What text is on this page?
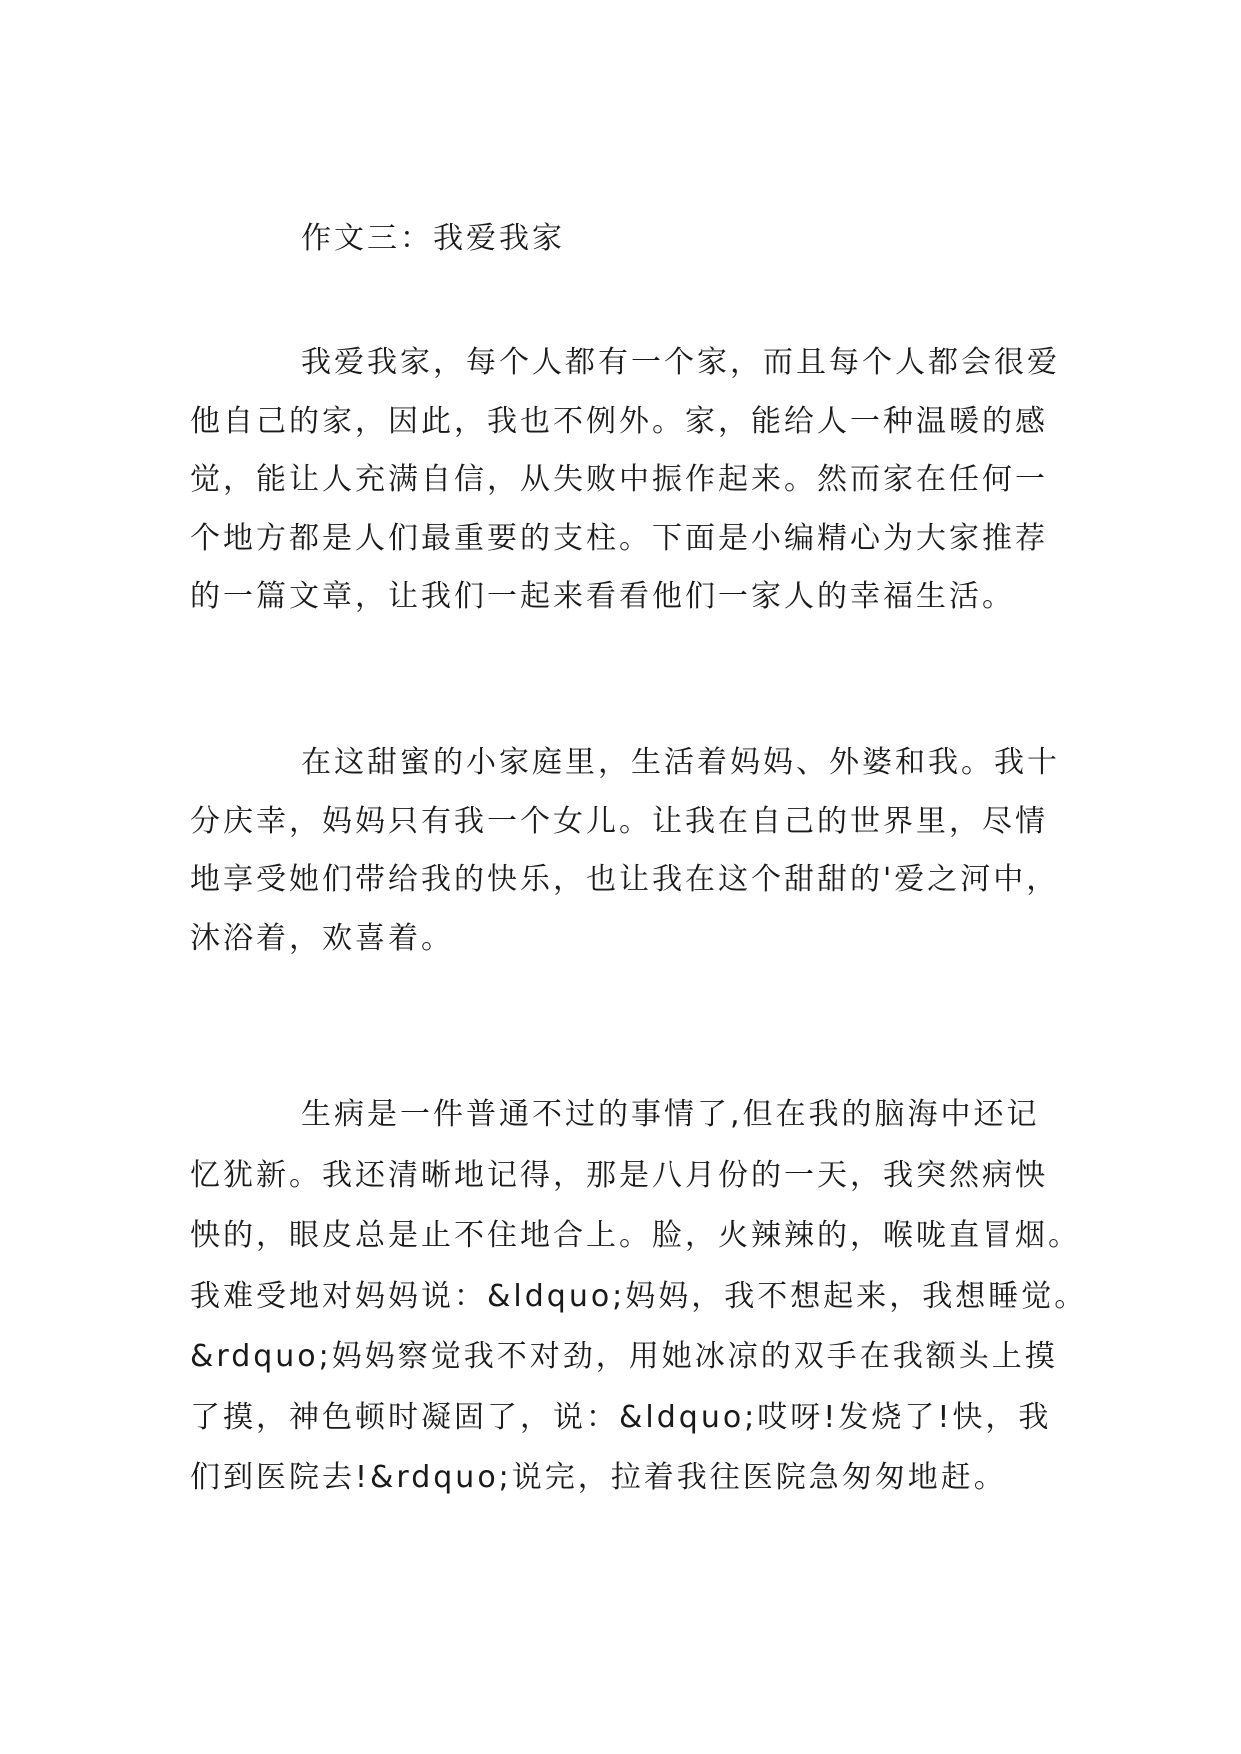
作文三：我爱我家
我爱我家，每个人都有一个家，而且每个人都会很爱
他自己的家，因此，我也不例外。家，能给人一种温暖的感
觉，能让人充满自信，从失败中振作起来。然而家在任何一
个地方都是人们最重要的支柱。下面是小编精心为大家推荐
的一篇文章，让我们一起来看看他们一家人的幸福生活。
在这甜蜜的小家庭里，生活着妈妈、外婆和我。我十
分庆幸，妈妈只有我一个女儿。让我在自己的世界里，尽情
地享受她们带给我的快乐，也让我在这个甜甜的'爱之河中，
沐浴着，欢喜着。
生病是一件普通不过的事情了,但在我的脑海中还记
忆犹新。我还清晰地记得，那是八月份的一天，我突然病怏
怏的，眼皮总是止不住地合上。脸，火辣辣的，喉咙直冒烟。
我难受地对妈妈说：&ldquo;妈妈，我不想起来，我想睡觉。
&rdquo;妈妈察觉我不对劲，用她冰凉的双手在我额头上摸
了摸，神色顿时凝固了，说：&ldquo;哎呀!发烧了!快，我
们到医院去!&rdquo;说完，拉着我往医院急匆匆地赶。
